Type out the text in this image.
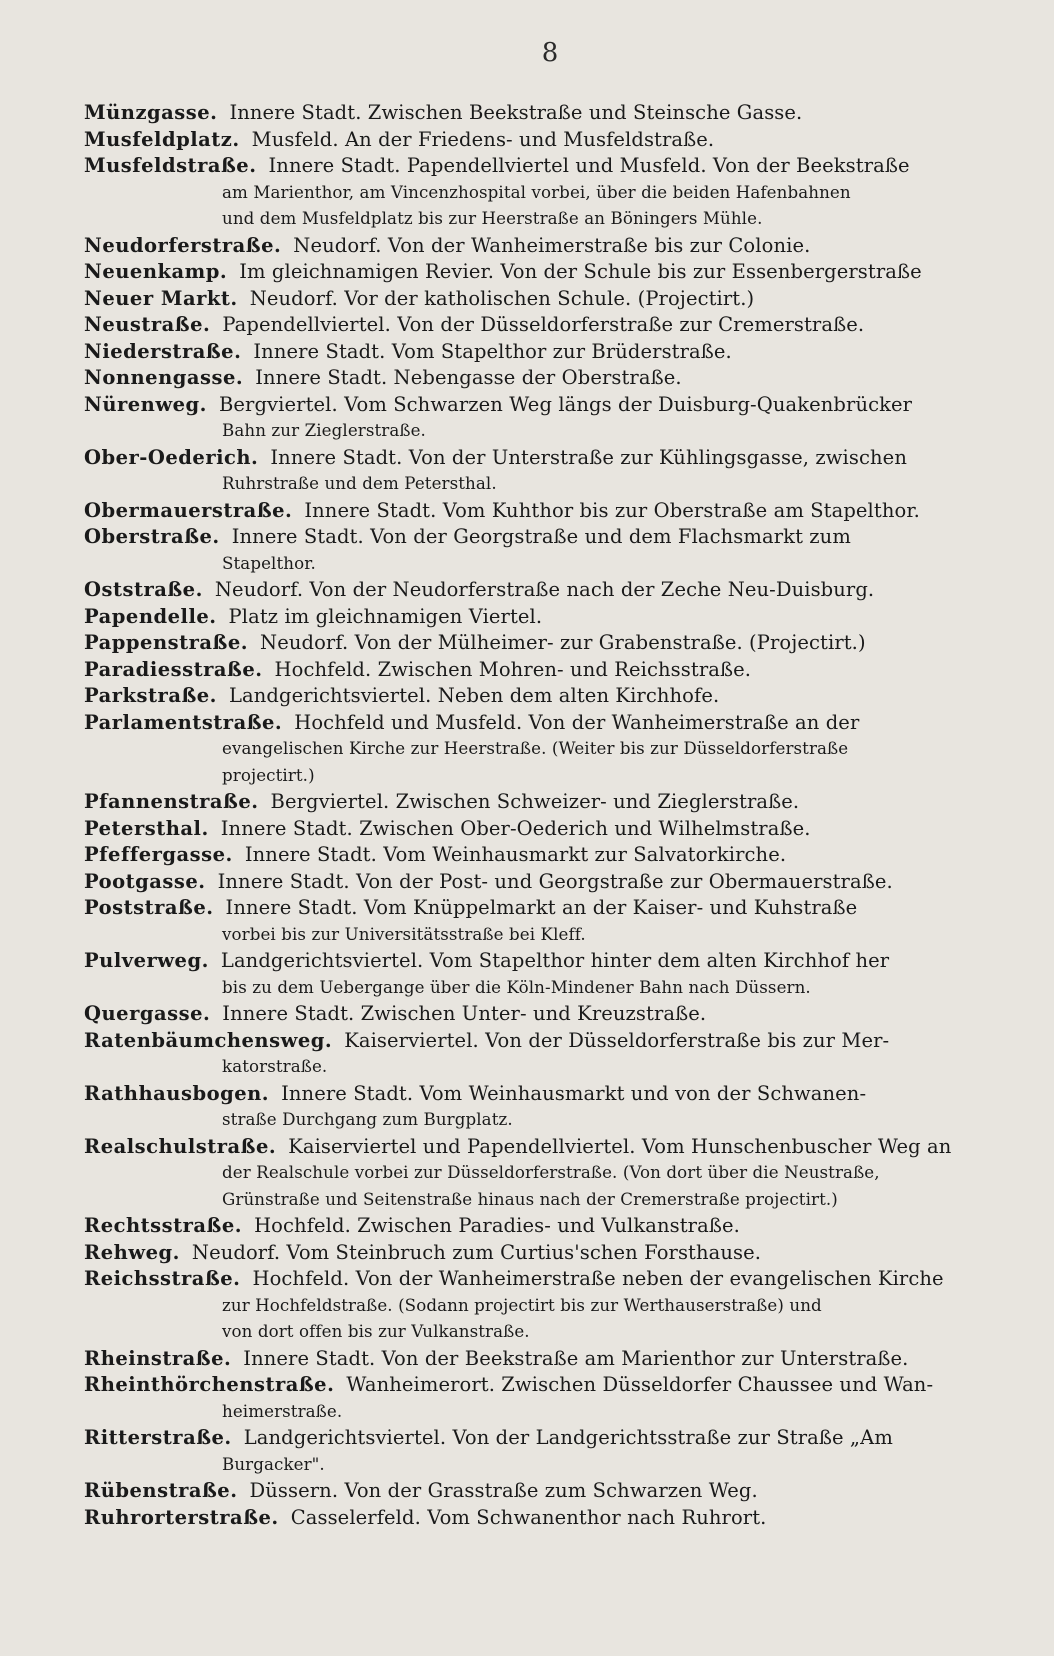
8
Münzgasse. Innere Stadt. Zwischen Beekstraße und Steinsche Gasse.
Musfeldplatz. Musfeld. An der Friedens- und Musfeldstraße.
Musfeldstraße. Innere Stadt. Papendellviertel und Musfeld. Von der Beekstraße
am Marienthor, am Vincenzhospital vorbei, über die beiden Hafenbahnen
und dem Musfeldplatz bis zur Heerstraße an Böningers Mühle.
Neudorferstraße. Neudorf. Von der Wanheimerstraße bis zur Colonie.
Neuenkamp. Im gleichnamigen Revier. Von der Schule bis zur Essenbergerstraße
Neuer Markt. Neudorf. Vor der katholischen Schule. (Projectirt.)
Neustraße. Papendellviertel. Von der Düsseldorferstraße zur Cremerstraße.
Niederstraße. Innere Stadt. Vom Stapelthor zur Brüderstraße.
Nonnengasse. Innere Stadt. Nebengasse der Oberstraße.
Nürenweg. Bergviertel. Vom Schwarzen Weg längs der Duisburg-Quakenbrücker
Bahn zur Zieglerstraße.
Ober-Oederich. Innere Stadt. Von der Unterstraße zur Kühlingsgasse, zwischen
Ruhrstraße und dem Petersthal.
Obermauerstraße. Innere Stadt. Vom Kuhthor bis zur Oberstraße am Stapelthor.
Oberstraße. Innere Stadt. Von der Georgstraße und dem Flachsmarkt zum
Stapelthor.
Oststraße. Neudorf. Von der Neudorferstraße nach der Zeche Neu-Duisburg.
Papendelle. Platz im gleichnamigen Viertel.
Pappenstraße. Neudorf. Von der Mülheimer- zur Grabenstraße. (Projectirt.)
Paradiesstraße. Hochfeld. Zwischen Mohren- und Reichsstraße.
Parkstraße. Landgerichtsviertel. Neben dem alten Kirchhofe.
Parlamentstraße. Hochfeld und Musfeld. Von der Wanheimerstraße an der
evangelischen Kirche zur Heerstraße. (Weiter bis zur Düsseldorferstraße
projectirt.)
Pfannenstraße. Bergviertel. Zwischen Schweizer- und Zieglerstraße.
Petersthal. Innere Stadt. Zwischen Ober-Oederich und Wilhelmstraße.
Pfeffergasse. Innere Stadt. Vom Weinhausmarkt zur Salvatorkirche.
Pootgasse. Innere Stadt. Von der Post- und Georgstraße zur Obermauerstraße.
Poststraße. Innere Stadt. Vom Knüppelmarkt an der Kaiser- und Kuhstraße
vorbei bis zur Universitätsstraße bei Kleff.
Pulverweg. Landgerichtsviertel. Vom Stapelthor hinter dem alten Kirchhof her
bis zu dem Uebergange über die Köln-Mindener Bahn nach Düssern.
Quergasse. Innere Stadt. Zwischen Unter- und Kreuzstraße.
Ratenbäumchensweg. Kaiserviertel. Von der Düsseldorferstraße bis zur Mer-
katorstraße.
Rathhausbogen. Innere Stadt. Vom Weinhausmarkt und von der Schwanen-
straße Durchgang zum Burgplatz.
Realschulstraße. Kaiserviertel und Papendellviertel. Vom Hunschenbuscher Weg an
der Realschule vorbei zur Düsseldorferstraße. (Von dort über die Neustraße,
Grünstraße und Seitenstraße hinaus nach der Cremerstraße projectirt.)
Rechtsstraße. Hochfeld. Zwischen Paradies- und Vulkanstraße.
Rehweg. Neudorf. Vom Steinbruch zum Curtius'schen Forsthause.
Reichsstraße. Hochfeld. Von der Wanheimerstraße neben der evangelischen Kirche
zur Hochfeldstraße. (Sodann projectirt bis zur Werthauserstraße) und
von dort offen bis zur Vulkanstraße.
Rheinstraße. Innere Stadt. Von der Beekstraße am Marienthor zur Unterstraße.
Rheinthörchenstraße. Wanheimerort. Zwischen Düsseldorfer Chaussee und Wan-
heimerstraße.
Ritterstraße. Landgerichtsviertel. Von der Landgerichtsstraße zur Straße „Am
Burgacker".
Rübenstraße. Düssern. Von der Grasstraße zum Schwarzen Weg.
Ruhrorterstraße. Casselerfeld. Vom Schwanenthor nach Ruhrort.
